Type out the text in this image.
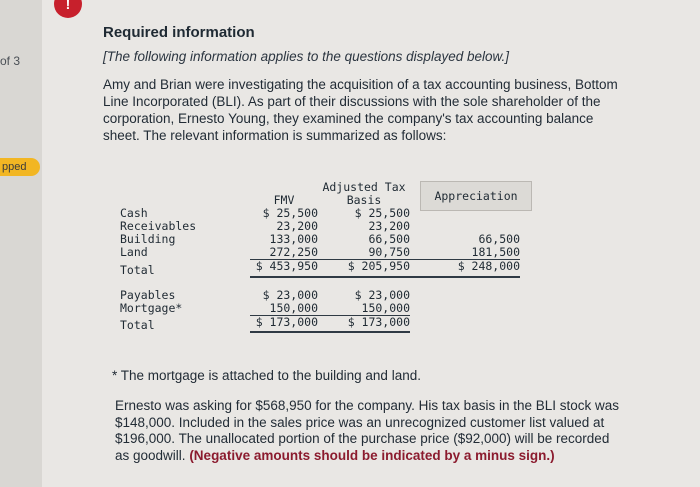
of 3
pped
!
Required information
[The following information applies to the questions displayed below.]
Amy and Brian were investigating the acquisition of a tax accounting business, Bottom Line Incorporated (BLI). As part of their discussions with the sole shareholder of the corporation, Ernesto Young, they examined the company's tax accounting balance sheet. The relevant information is summarized as follows:
Appreciation

		Adjusted Tax	

	FMV	Basis	

Cash	$ 25,500	$ 25,500	
Receivables	23,200	23,200	
Building	133,000	66,500	66,500
Land	272,250	90,750	181,500
Total	$ 453,950	$ 205,950	$ 248,000

Payables	$ 23,000	$ 23,000	
Mortgage*	150,000	150,000	
Total	$ 173,000	$ 173,000	
* The mortgage is attached to the building and land.
Ernesto was asking for $568,950 for the company. His tax basis in the BLI stock was $148,000. Included in the sales price was an unrecognized customer list valued at $196,000. The unallocated portion of the purchase price ($92,000) will be recorded as goodwill. (Negative amounts should be indicated by a minus sign.)
